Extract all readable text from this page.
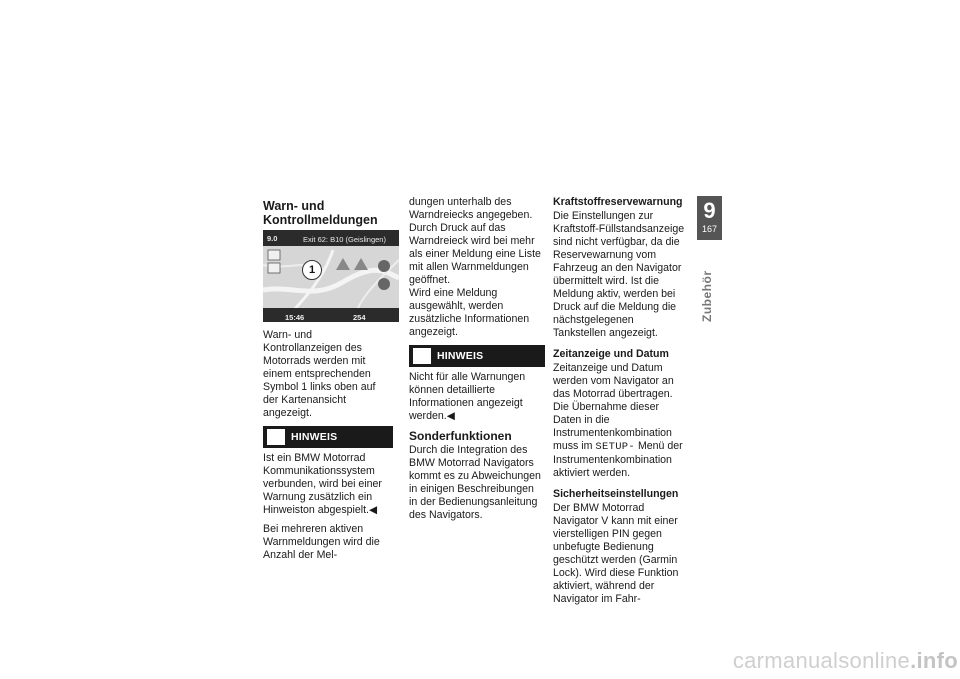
Warn- und Kontrollmeldungen
9.0	Exit 62: B10 (Geislingen)
15:46	254
1

Warn- und Kontrollanzeigen des Motorrads werden mit einem entsprechenden Symbol 1 links oben auf der Kartenansicht angezeigt.

HINWEIS

Ist ein BMW Motorrad Kommunikationssystem verbunden, wird bei einer Warnung zusätzlich ein Hinweiston abgespielt.◀

Bei mehreren aktiven Warnmeldungen wird die Anzahl der Mel-

dungen unterhalb des Warndreiecks angegeben.

Durch Druck auf das Warndreieck wird bei mehr als einer Meldung eine Liste mit allen Warnmeldungen geöffnet.

Wird eine Meldung ausgewählt, werden zusätzliche Informationen angezeigt.

HINWEIS

Nicht für alle Warnungen können detaillierte Informationen angezeigt werden.◀

Sonderfunktionen

Durch die Integration des BMW Motorrad Navigators kommt es zu Abweichungen in einigen Beschreibungen in der Bedienungsanleitung des Navigators.

Kraftstoffreservewarnung

Die Einstellungen zur Kraftstoff-Füllstandsanzeige sind nicht verfügbar, da die Reservewarnung vom Fahrzeug an den Navigator übermittelt wird. Ist die Meldung aktiv, werden bei Druck auf die Meldung die nächstgelegenen Tankstellen angezeigt.

Zeitanzeige und Datum

Zeitanzeige und Datum werden vom Navigator an das Motorrad übertragen. Die Übernahme dieser Daten in die Instrumentenkombination muss im SETUP- Menü der Instrumentenkombination aktiviert werden.

Sicherheitseinstellungen

Der BMW Motorrad Navigator V kann mit einer vierstelligen PIN gegen unbefugte Bedienung geschützt werden (Garmin Lock). Wird diese Funktion aktiviert, während der Navigator im Fahr-

9
167
Zubehör
carmanualsonline.info
